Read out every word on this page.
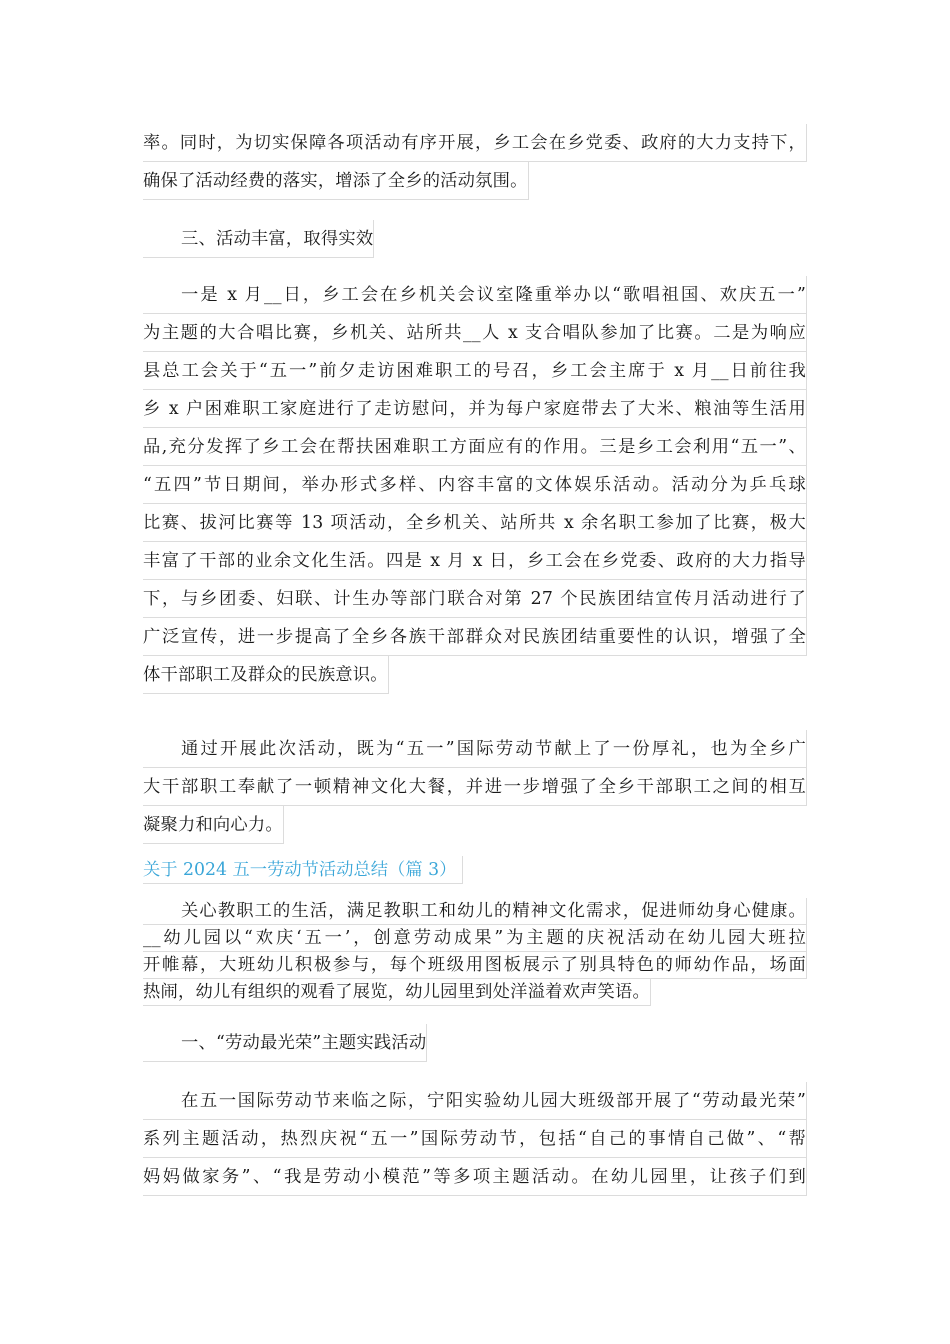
率。同时，为切实保障各项活动有序开展，乡工会在乡党委、政府的大力支持下，
确保了活动经费的落实，增添了全乡的活动氛围。
三、活动丰富，取得实效
一是 x 月__日，乡工会在乡机关会议室隆重举办以“歌唱祖国、欢庆五一”
为主题的大合唱比赛，乡机关、站所共__人 x 支合唱队参加了比赛。二是为响应
县总工会关于“五一”前夕走访困难职工的号召，乡工会主席于 x 月__日前往我
乡 x 户困难职工家庭进行了走访慰问，并为每户家庭带去了大米、粮油等生活用
品,充分发挥了乡工会在帮扶困难职工方面应有的作用。三是乡工会利用“五一”、
“五四”节日期间，举办形式多样、内容丰富的文体娱乐活动。活动分为乒乓球
比赛、拔河比赛等 13 项活动，全乡机关、站所共 x 余名职工参加了比赛，极大
丰富了干部的业余文化生活。四是 x 月 x 日，乡工会在乡党委、政府的大力指导
下，与乡团委、妇联、计生办等部门联合对第 27 个民族团结宣传月活动进行了
广泛宣传，进一步提高了全乡各族干部群众对民族团结重要性的认识，增强了全
体干部职工及群众的民族意识。
通过开展此次活动，既为“五一”国际劳动节献上了一份厚礼，也为全乡广
大干部职工奉献了一顿精神文化大餐，并进一步增强了全乡干部职工之间的相互
凝聚力和向心力。
关于 2024 五一劳动节活动总结（篇 3）
关心教职工的生活，满足教职工和幼儿的精神文化需求，促进师幼身心健康。
__幼儿园以“欢庆‘五一’，创意劳动成果”为主题的庆祝活动在幼儿园大班拉
开帷幕，大班幼儿积极参与，每个班级用图板展示了别具特色的师幼作品，场面
热闹，幼儿有组织的观看了展览，幼儿园里到处洋溢着欢声笑语。
一、“劳动最光荣”主题实践活动
在五一国际劳动节来临之际，宁阳实验幼儿园大班级部开展了“劳动最光荣”
系列主题活动，热烈庆祝“五一”国际劳动节，包括“自己的事情自己做”、“帮
妈妈做家务”、“我是劳动小模范”等多项主题活动。在幼儿园里，让孩子们到
